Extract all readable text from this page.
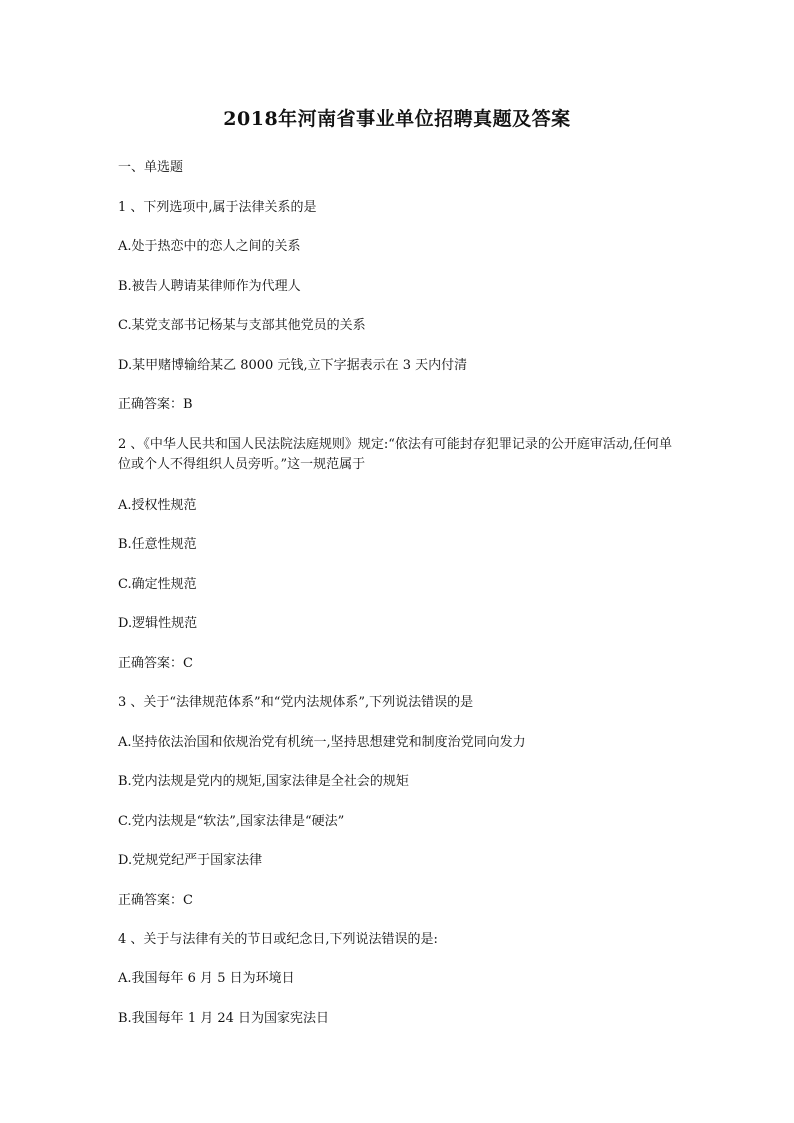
2018年河南省事业单位招聘真题及答案
一、单选题
1 、下列选项中,属于法律关系的是
A.处于热恋中的恋人之间的关系
B.被告人聘请某律师作为代理人
C.某党支部书记杨某与支部其他党员的关系
D.某甲赌博输给某乙 8000 元钱,立下字据表示在 3 天内付清
正确答案：B
2 、《中华人民共和国人民法院法庭规则》规定:“依法有可能封存犯罪记录的公开庭审活动,任何单位或个人不得组织人员旁听。”这一规范属于
A.授权性规范
B.任意性规范
C.确定性规范
D.逻辑性规范
正确答案：C
3 、关于“法律规范体系”和“党内法规体系”,下列说法错误的是
A.坚持依法治国和依规治党有机统一,坚持思想建党和制度治党同向发力
B.党内法规是党内的规矩,国家法律是全社会的规矩
C.党内法规是“软法”,国家法律是“硬法”
D.党规党纪严于国家法律
正确答案：C
4 、关于与法律有关的节日或纪念日,下列说法错误的是:
A.我国每年 6 月 5 日为环境日
B.我国每年 1 月 24 日为国家宪法日
